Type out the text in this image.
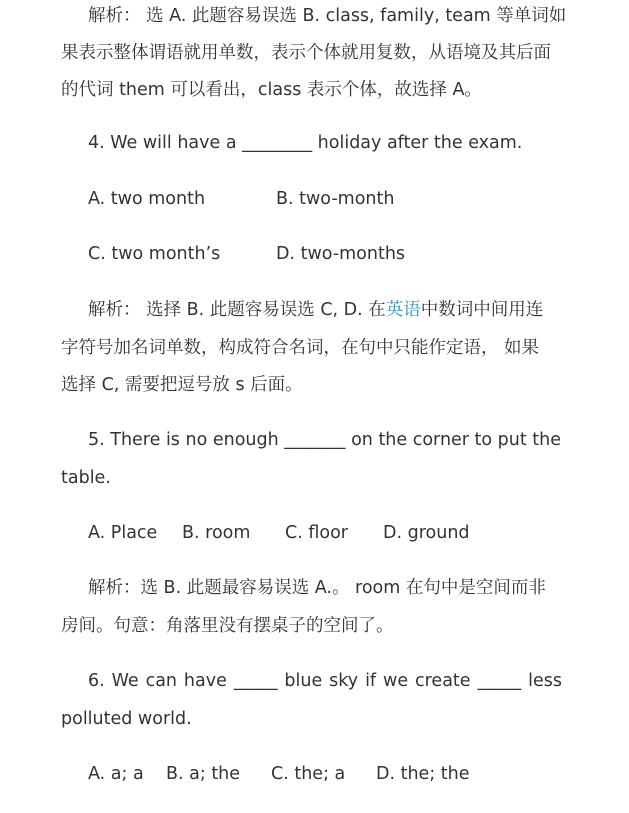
解析： 选 A. 此题容易误选 B. class, family, team 等单词如
果表示整体谓语就用单数，表示个体就用复数，从语境及其后面
的代词 them 可以看出，class 表示个体，故选择 A。
4. We will have a ________ holiday after the exam.
A. two month	B. two-month
C. two month’s	D. two-months
解析： 选择 B. 此题容易误选 C, D. 在英语中数词中间用连
字符号加名词单数，构成符合名词，在句中只能作定语， 如果
选择 C, 需要把逗号放 s 后面。
5. There is no enough _______ on the corner to put the
table.
A. Place B. room C. floor D. ground
解析：选 B. 此题最容易误选 A.。 room 在句中是空间而非
房间。句意：角落里没有摆桌子的空间了。
6. We can have _____ blue sky if we create _____ less
polluted world.
A. a; a B. a; the C. the; a D. the; the
